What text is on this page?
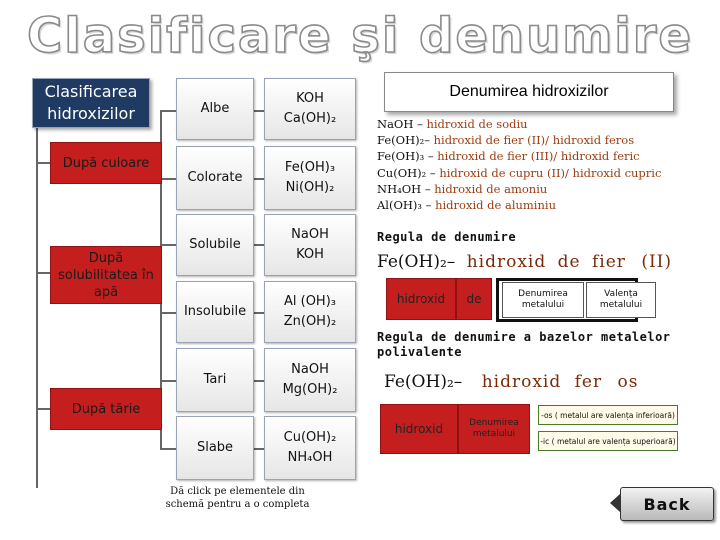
Clasificare şi denumire
Clasificarea hidroxizilor
După culoare
După solubilitatea în apă
După tărie
Albe
KOH
Ca(OH)₂
Colorate
Fe(OH)₃
Ni(OH)₂
Solubile
NaOH
KOH
Insolubile
Al (OH)₃
Zn(OH)₂
Tari
NaOH
Mg(OH)₂
Slabe
Cu(OH)₂
NH₄OH
Denumirea hidroxizilor
NaOH – hidroxid de sodiu
Fe(OH)₂– hidroxid de fier (II)/ hidroxid feros
Fe(OH)₃ – hidroxid de fier (III)/ hidroxid feric
Cu(OH)₂ – hidroxid de cupru (II)/ hidroxid cupric
NH₄OH – hidroxid de amoniu
Al(OH)₃ – hidroxid de aluminiu
Regula de denumire
Fe(OH)₂– hidroxid de fier (II)
hidroxid de	Denumirea metalului
Valența metalului
Regula de denumire a bazelor metalelor polivalente
Fe(OH)₂– hidroxid fer os
hidroxid	Denumirea metalului
-os ( metalul are valența inferioară)
-ic ( metalul are valența superioară)
Dă click pe elementele din schemă pentru a o completa	Back
